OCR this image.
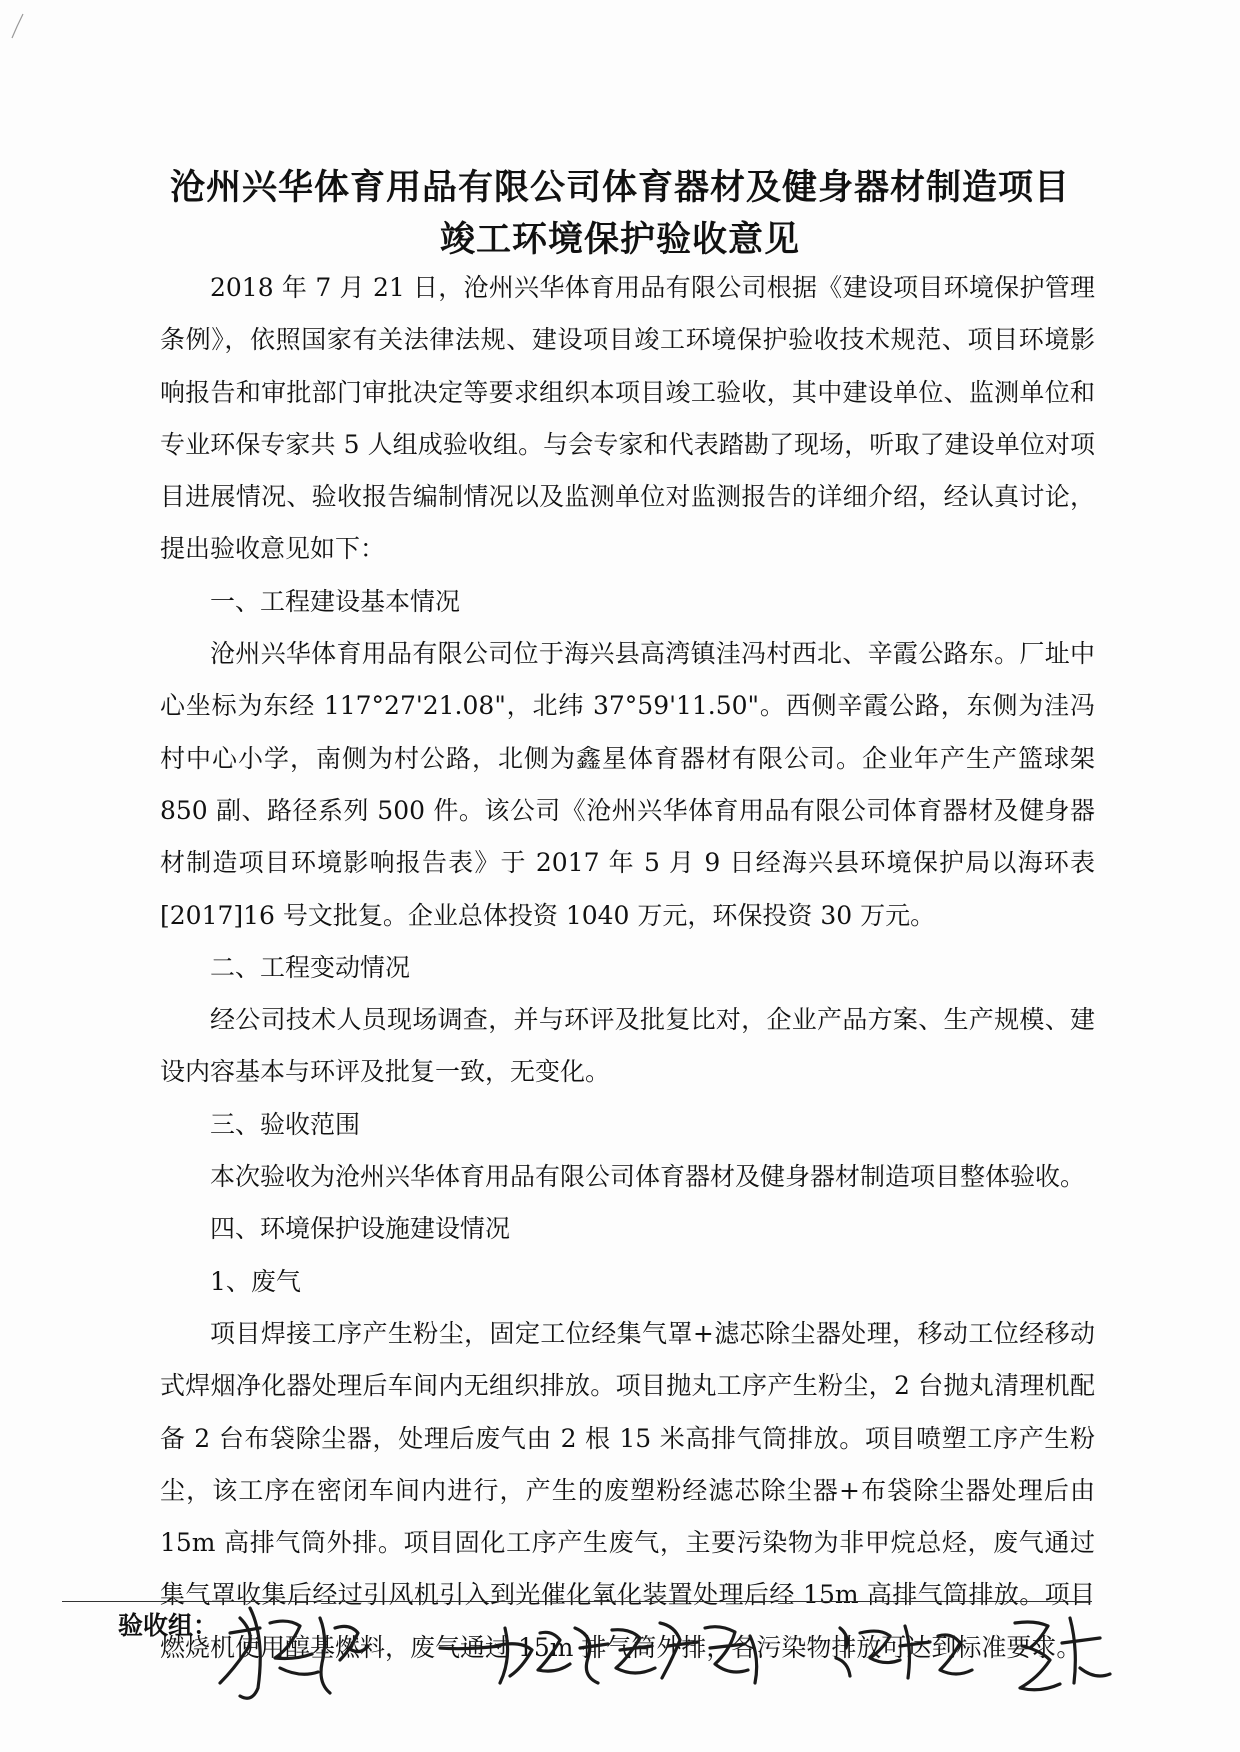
沧州兴华体育用品有限公司体育器材及健身器材制造项目
竣工环境保护验收意见

2018 年 7 月 21 日，沧州兴华体育用品有限公司根据《建设项目环境保护管理条例》，依照国家有关法律法规、建设项目竣工环境保护验收技术规范、项目环境影响报告和审批部门审批决定等要求组织本项目竣工验收，其中建设单位、监测单位和专业环保专家共 5 人组成验收组。与会专家和代表踏勘了现场，听取了建设单位对项目进展情况、验收报告编制情况以及监测单位对监测报告的详细介绍，经认真讨论，提出验收意见如下：

一、工程建设基本情况

沧州兴华体育用品有限公司位于海兴县高湾镇洼冯村西北、辛霞公路东。厂址中心坐标为东经 117°27'21.08"，北纬 37°59'11.50"。西侧辛霞公路，东侧为洼冯村中心小学，南侧为村公路，北侧为鑫星体育器材有限公司。企业年产生产篮球架 850 副、路径系列 500 件。该公司《沧州兴华体育用品有限公司体育器材及健身器材制造项目环境影响报告表》于 2017 年 5 月 9 日经海兴县环境保护局以海环表[2017]16 号文批复。企业总体投资 1040 万元，环保投资 30 万元。

二、工程变动情况

经公司技术人员现场调查，并与环评及批复比对，企业产品方案、生产规模、建设内容基本与环评及批复一致，无变化。

三、验收范围

本次验收为沧州兴华体育用品有限公司体育器材及健身器材制造项目整体验收。

四、环境保护设施建设情况

1、废气

项目焊接工序产生粉尘，固定工位经集气罩+滤芯除尘器处理，移动工位经移动式焊烟净化器处理后车间内无组织排放。项目抛丸工序产生粉尘，2 台抛丸清理机配备 2 台布袋除尘器，处理后废气由 2 根 15 米高排气筒排放。项目喷塑工序产生粉尘，该工序在密闭车间内进行，产生的废塑粉经滤芯除尘器+布袋除尘器处理后由 15m 高排气筒外排。项目固化工序产生废气，主要污染物为非甲烷总烃，废气通过集气罩收集后经过引风机引入到光催化氧化装置处理后经 15m 高排气筒排放。项目燃烧机使用醇基燃料，废气通过 15m 排气筒外排，各污染物排放可达到标准要求。

验收组：
